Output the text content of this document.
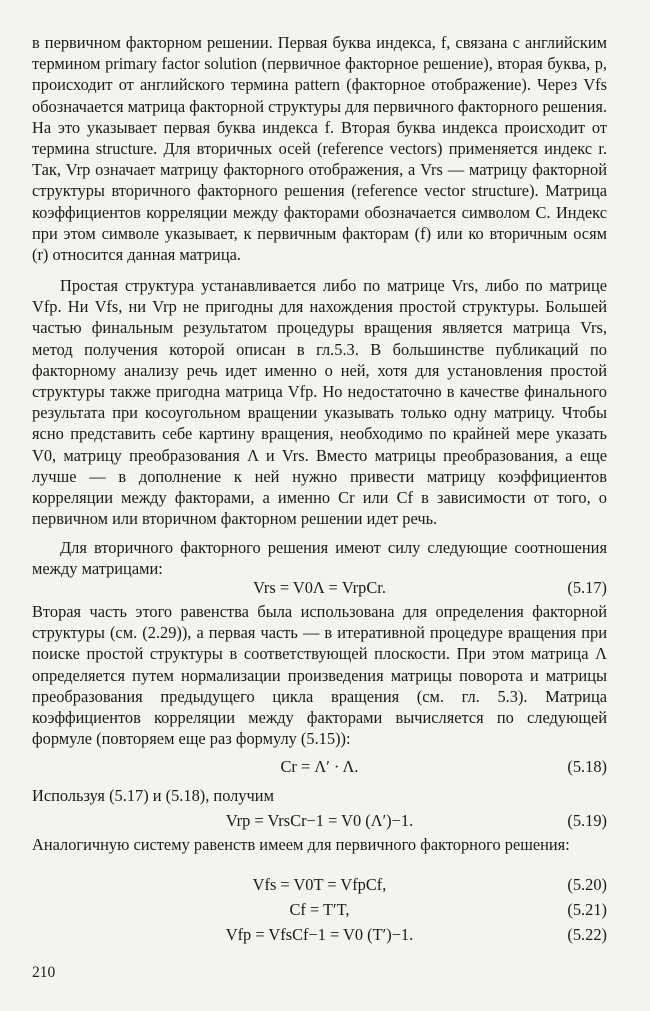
в первичном факторном решении. Первая буква индекса, f, связана с английским термином primary factor solution (первичное факторное решение), вторая буква, p, происходит от английского термина pattern (факторное отображение). Через Vfs обозначается матрица факторной структуры для первичного факторного решения. На это указывает первая буква индекса f. Вторая буква индекса происходит от термина structure. Для вторичных осей (reference vectors) применяется индекс r. Так, Vrp означает матрицу факторного отображения, а Vrs — матрицу факторной структуры вторичного факторного решения (reference vector structure). Матрица коэффициентов корреляции между факторами обозначается символом C. Индекс при этом символе указывает, к первичным факторам (f) или ко вторичным осям (r) относится данная матрица.

Простая структура устанавливается либо по матрице Vrs, либо по матрице Vfp. Ни Vfs, ни Vrp не пригодны для нахождения простой структуры. Большей частью финальным результатом процедуры вращения является матрица Vrs, метод получения которой описан в гл.5.3. В большинстве публикаций по факторному анализу речь идет именно о ней, хотя для установления простой структуры также пригодна матрица Vfp. Но недостаточно в качестве финального результата при косоугольном вращении указывать только одну матрицу. Чтобы ясно представить себе картину вращения, необходимо по крайней мере указать V0, матрицу преобразования Λ и Vrs. Вместо матрицы преобразования, а еще лучше — в дополнение к ней нужно привести матрицу коэффициентов корреляции между факторами, а именно Cr или Cf в зависимости от того, о первичном или вторичном факторном решении идет речь.

Для вторичного факторного решения имеют силу следующие соотношения между матрицами:

Vrs = V0Λ = VrpCr.	(5.17)

Вторая часть этого равенства была использована для определения факторной структуры (см. (2.29)), а первая часть — в итеративной процедуре вращения при поиске простой структуры в соответствующей плоскости. При этом матрица Λ определяется путем нормализации произведения матрицы поворота и матрицы преобразования предыдущего цикла вращения (см. гл. 5.3). Матрица коэффициентов корреляции между факторами вычисляется по следующей формуле (повторяем еще раз формулу (5.15)):

Cr = Λ′ · Λ.	(5.18)

Используя (5.17) и (5.18), получим

Vrp = VrsCr−1 = V0 (Λ′)−1.	(5.19)

Аналогичную систему равенств имеем для первичного факторного решения:

Vfs = V0T = VfpCf,	(5.20)
Cf = T′T,	(5.21)
Vfp = VfsCf−1 = V0 (T′)−1.	(5.22)
210
